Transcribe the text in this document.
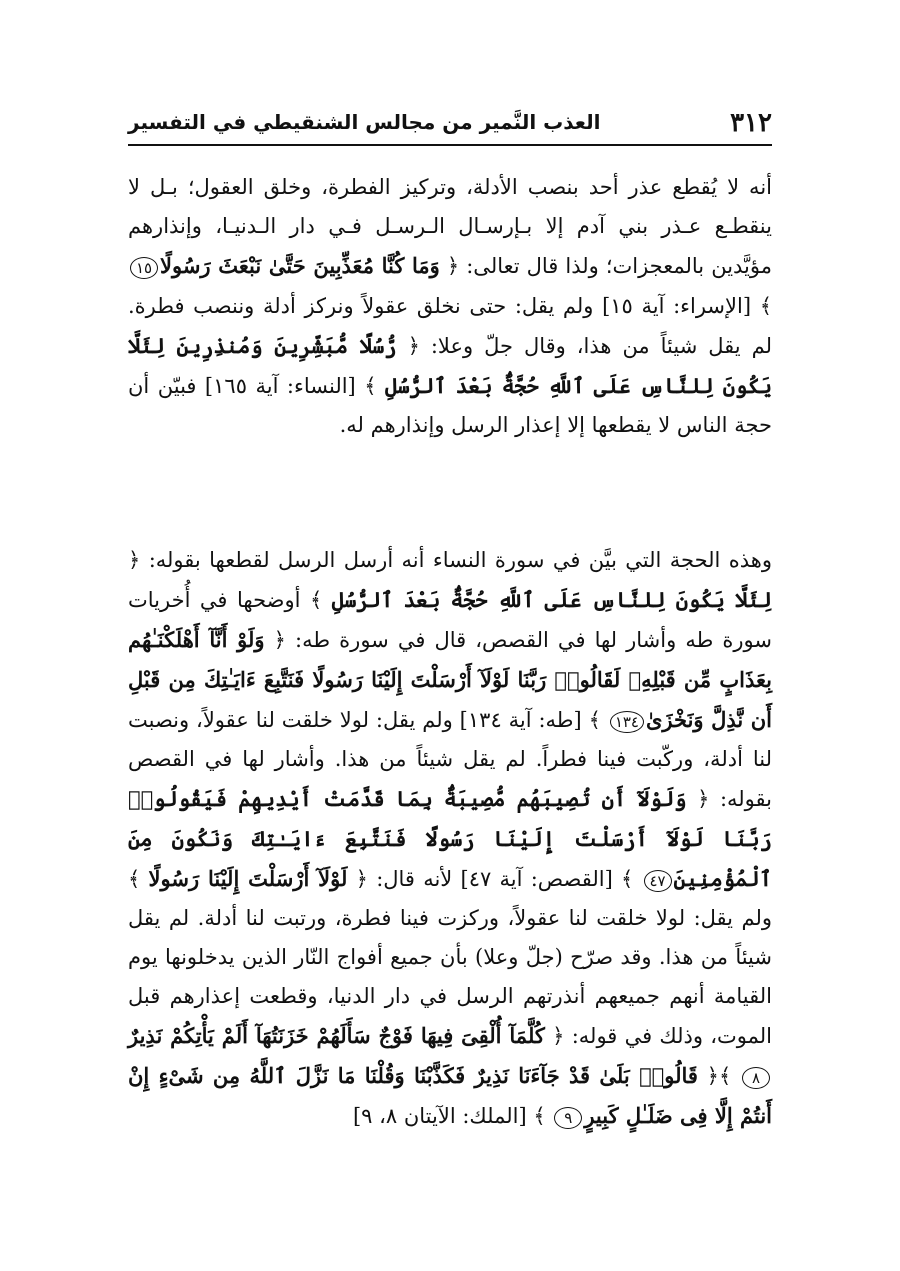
٣١٢
العذب النَّمير من مجالس الشنقيطي في التفسير
أنه لا يُقطع عذر أحد بنصب الأدلة، وتركيز الفطرة، وخلق العقول؛ بـل لا ينقطـع عـذر بني آدم إلا بـإرسـال الـرسـل فـي دار الـدنيـا، وإنذارهم مؤيَّدين بالمعجزات؛ ولذا قال تعالى: ﴿ وَمَا كُنَّا مُعَذِّبِينَ حَتَّىٰ نَبْعَثَ رَسُولًا١٥ ﴾ [الإسراء: آية ١٥] ولم يقل: حتى نخلق عقولاً ونركز أدلة وننصب فطرة. لم يقل شيئاً من هذا، وقال جلّ وعلا: ﴿ رُّسُلًا مُّبَشِّرِينَ وَمُنذِرِينَ لِئَلَّا يَكُونَ لِلنَّاسِ عَلَى ٱللَّهِ حُجَّةٌۢ بَعْدَ ٱلرُّسُلِ ﴾ [النساء: آية ١٦٥] فبيّن أن حجة الناس لا يقطعها إلا إعذار الرسل وإنذارهم له.
وهذه الحجة التي بيَّن في سورة النساء أنه أرسل الرسل لقطعها بقوله: ﴿ لِئَلَّا يَكُونَ لِلنَّاسِ عَلَى ٱللَّهِ حُجَّةٌۢ بَعْدَ ٱلرُّسُلِ ﴾ أوضحها في أُخريات سورة طه وأشار لها في القصص، قال في سورة طه: ﴿ وَلَوْ أَنَّآ أَهْلَكْنَـٰهُم بِعَذَابٍ مِّن قَبْلِهِۦ لَقَالُوا۟ رَبَّنَا لَوْلَآ أَرْسَلْتَ إِلَيْنَا رَسُولًا فَنَتَّبِعَ ءَايَـٰتِكَ مِن قَبْلِ أَن نَّذِلَّ وَنَخْزَىٰ١٣٤ ﴾ [طه: آية ١٣٤] ولم يقل: لولا خلقت لنا عقولاً، ونصبت لنا أدلة، وركّبت فينا فطراً. لم يقل شيئاً من هذا. وأشار لها في القصص بقوله: ﴿ وَلَوْلَآ أَن تُصِيبَهُم مُّصِيبَةٌۢ بِمَا قَدَّمَتْ أَيْدِيهِمْ فَيَقُولُوا۟ رَبَّنَا لَوْلَآ أَرْسَلْتَ إِلَيْنَا رَسُولًا فَنَتَّبِعَ ءَايَـٰتِكَ وَنَكُونَ مِنَ ٱلْمُؤْمِنِينَ٤٧ ﴾ [القصص: آية ٤٧] لأنه قال: ﴿ لَوْلَآ أَرْسَلْتَ إِلَيْنَا رَسُولًا ﴾ ولم يقل: لولا خلقت لنا عقولاً، وركزت فينا فطرة، ورتبت لنا أدلة. لم يقل شيئاً من هذا. وقد صرّح (جلّ وعلا) بأن جميع أفواج النّار الذين يدخلونها يوم القيامة أنهم جميعهم أنذرتهم الرسل في دار الدنيا، وقطعت إعذارهم قبل الموت، وذلك في قوله: ﴿ كُلَّمَآ أُلْقِىَ فِيهَا فَوْجٌ سَأَلَهُمْ خَزَنَتُهَآ أَلَمْ يَأْتِكُمْ نَذِيرٌ٨ ﴾﴿ قَالُوا۟ بَلَىٰ قَدْ جَآءَنَا نَذِيرٌ فَكَذَّبْنَا وَقُلْنَا مَا نَزَّلَ ٱللَّهُ مِن شَىْءٍ إِنْ أَنتُمْ إِلَّا فِى ضَلَـٰلٍ كَبِيرٍ٩ ﴾ [الملك: الآيتان ٨، ٩]
